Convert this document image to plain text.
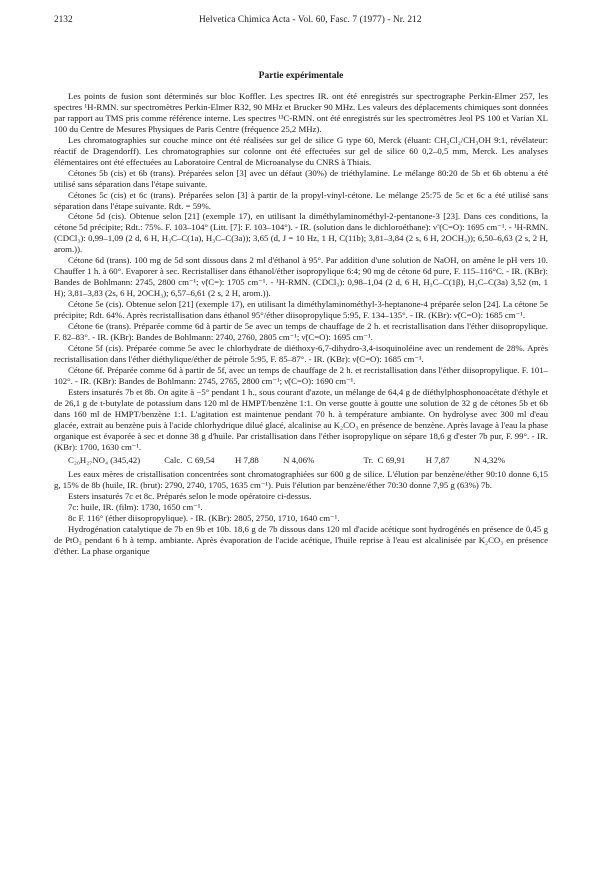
2132	Helvetica Chimica Acta - Vol. 60, Fasc. 7 (1977) - Nr. 212
Partie expérimentale

Les points de fusion sont déterminés sur bloc Koffler. Les spectres IR. ont été enregistrés sur spectrographe Perkin-Elmer 257, les spectres ¹H-RMN. sur spectromètres Perkin-Elmer R32, 90 MHz et Brucker 90 MHz. Les valeurs des déplacements chimiques sont données par rapport au TMS pris comme référence interne. Les spectres ¹³C-RMN. ont été enregistrés sur les spectromètres Jeol PS 100 et Varian XL 100 du Centre de Mesures Physiques de Paris Centre (fréquence 25,2 MHz).

Les chromatographies sur couche mince ont été réalisées sur gel de silice G type 60, Merck (éluant: CH₂Cl₂/CH₃OH 9:1, révélateur: réactif de Dragendorff). Les chromatographies sur colonne ont été effectuées sur gel de silice 60 0,2–0,5 mm, Merck. Les analyses élémentaires ont été effectuées au Laboratoire Central de Microanalyse du CNRS à Thiais.

Cétones 5b (cis) et 6b (trans). Préparées selon [3] avec un défaut (30%) de triéthylamine. Le mélange 80:20 de 5b et 6b obtenu a été utilisé sans séparation dans l'étape suivante.

Cétones 5c (cis) et 6c (trans). Préparées selon [3] à partir de la propyl-vinyl-cétone. Le mélange 25:75 de 5c et 6c a été utilisé sans séparation dans l'étape suivante. Rdt. = 59%.

Cétone 5d (cis). Obtenue selon [21] (exemple 17), en utilisant la diméthylaminométhyl-2-pentanone-3 [23]. Dans ces conditions, la cétone 5d précipite; Rdt.: 75%. F. 103–104° (Litt. [7]: F. 103–104°). - IR. (solution dans le dichloroéthane): ν̃ (C=O): 1695 cm⁻¹. - ¹H-RMN. (CDCl₃): 0,99–1,09 (2 d, 6 H, H₃C–C(1a), H₃C–C(3a)); 3,65 (d, J = 10 Hz, 1 H, C(11b); 3,81–3,84 (2 s, 6 H, 2OCH₃)); 6,50–6,63 (2 s, 2 H, arom.)).

Cétone 6d (trans). 100 mg de 5d sont dissous dans 2 ml d'éthanol à 95°. Par addition d'une solution de NaOH, on amène le pH vers 10. Chauffer 1 h. à 60°. Evaporer à sec. Recristalliser dans éthanol/éther isopropylique 6:4; 90 mg de cétone 6d pure, F. 115–116°C. - IR. (KBr): Bandes de Bohlmann: 2745, 2800 cm⁻¹; ν̃(C=): 1705 cm⁻¹. - ¹H-RMN. (CDCl₃): 0,98–1,04 (2 d, 6 H, H₃C–C(1β), H₃C–C(3a) 3,52 (m, 1 H); 3,81–3,83 (2s, 6 H, 2OCH₃); 6,57–6,61 (2 s, 2 H, arom.)).

Cétone 5e (cis). Obtenue selon [21] (exemple 17), en utilisant la diméthylaminométhyl-3-heptanone-4 préparée selon [24]. La cétone 5e précipite; Rdt. 64%. Après recristallisation dans éthanol 95°/éther diisopropylique 5:95, F. 134–135°. - IR. (KBr): ν̃(C=O): 1685 cm⁻¹.

Cétone 6e (trans). Préparée comme 6d à partir de 5e avec un temps de chauffage de 2 h. et recristallisation dans l'éther diisopropylique. F. 82–83°. - IR. (KBr): Bandes de Bohlmann: 2740, 2760, 2805 cm⁻¹; ν̃(C=O): 1695 cm⁻¹.

Cétone 5f (cis). Préparée comme 5e avec le chlorhydrate de diéthoxy-6,7-dihydro-3,4-isoquinoléine avec un rendement de 28%. Après recristallisation dans l'éther diéthylique/éther de pétrole 5:95, F. 85–87°. - IR. (KBr): ν̃(C=O): 1685 cm⁻¹.

Cétone 6f. Préparée comme 6d à partir de 5f, avec un temps de chauffage de 2 h. et recristallisation dans l'éther diisopropylique. F. 101–102°. - IR. (KBr): Bandes de Bohlmann: 2745, 2765, 2800 cm⁻¹; ν̃(C=O): 1690 cm⁻¹.

Esters insaturés 7b et 8b. On agite à −5° pendant 1 h., sous courant d'azote, un mélange de 64,4 g de diéthylphosphonoacétate d'éthyle et de 26,1 g de t-butylate de potassium dans 120 ml de HMPT/benzène 1:1. On verse goutte à goutte une solution de 32 g de cétones 5b et 6b dans 160 ml de HMPT/benzène 1:1. L'agitation est maintenue pendant 70 h. à température ambiante. On hydrolyse avec 300 ml d'eau glacée, extrait au benzène puis à l'acide chlorhydrique dilué glacé, alcalinise au K₂CO₃ en présence de benzène. Après lavage à l'eau la phase organique est évaporée à sec et donne 38 g d'huile. Par cristallisation dans l'éther isopropylique on sépare 18,6 g d'ester 7b pur, F. 99°. - IR. (KBr): 1700, 1630 cm⁻¹.

C₂₀H₂₇NO₄ (345,42)	Calc. C 69,54 H 7,88	N 4,06%	Tr. C 69,91 H 7,87	N 4,32%

Les eaux mères de cristallisation concentrées sont chromatographiées sur 600 g de silice. L'élution par benzène/éther 90:10 donne 6,15 g, 15% de 8b (huile, IR. (brut): 2790, 2740, 1705, 1635 cm⁻¹). Puis l'élution par benzène/éther 70:30 donne 7,95 g (63%) 7b.

Esters insaturés 7c et 8c. Préparés selon le mode opératoire ci-dessus.

7c: huile, IR. (film): 1730, 1650 cm⁻¹.

8c F. 116° (éther diisopropylique). - IR. (KBr): 2805, 2750, 1710, 1640 cm⁻¹.

Hydrogénation catalytique de 7b en 9b et 10b. 18,6 g de 7b dissous dans 120 ml d'acide acétique sont hydrogénés en présence de 0,45 g de PtO₂ pendant 6 h à temp. ambiante. Après évaporation de l'acide acétique, l'huile reprise à l'eau est alcalinisée par K₂CO₃ en présence d'éther. La phase organique
